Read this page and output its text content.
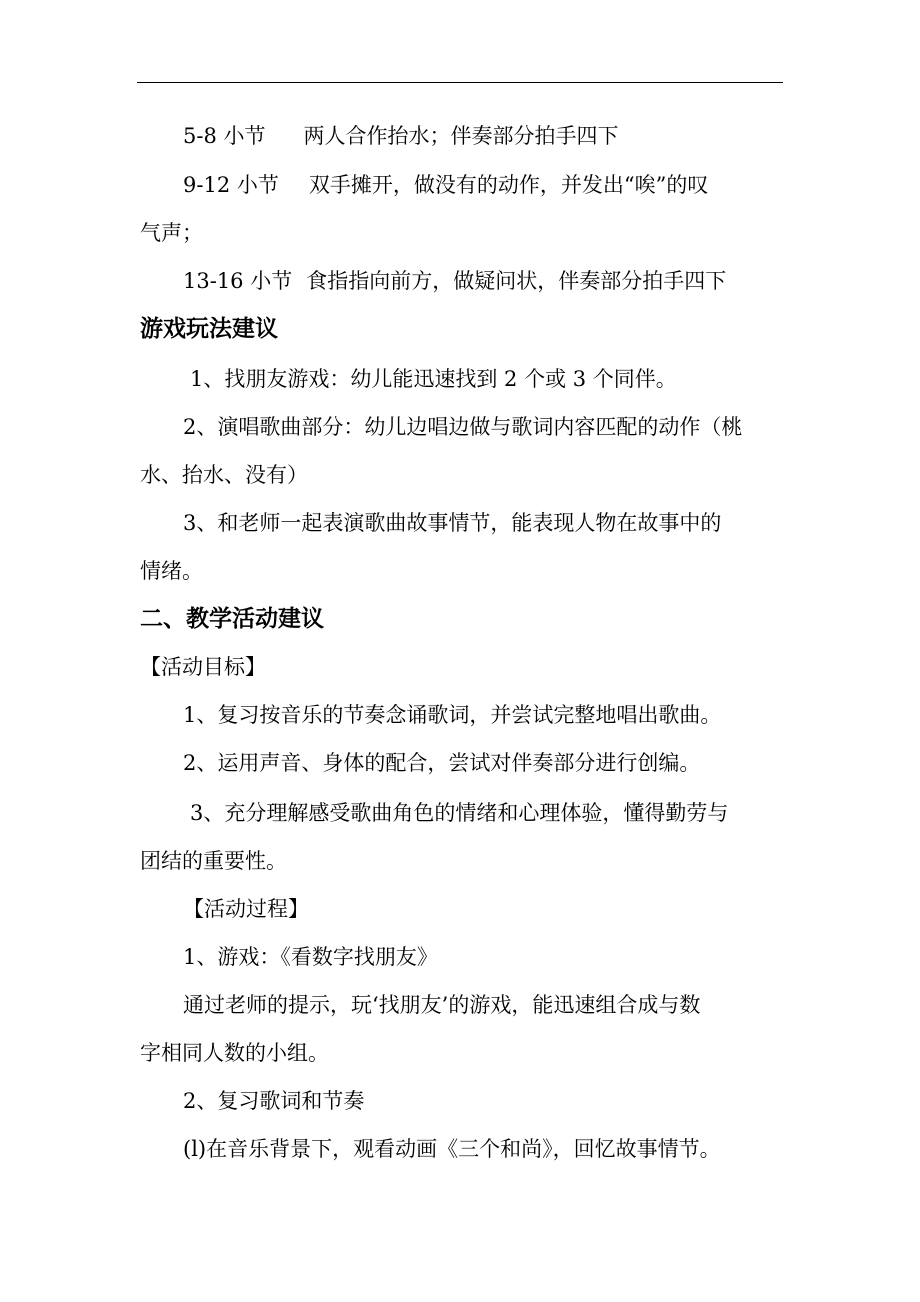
5-8 小节 两人合作抬水；伴奏部分拍手四下
9-12 小节 双手摊开，做没有的动作，并发出“唉”的叹
气声；
13-16 小节 食指指向前方，做疑问状，伴奏部分拍手四下
游戏玩法建议
1、找朋友游戏：幼儿能迅速找到 2 个或 3 个同伴。
2、演唱歌曲部分：幼儿边唱边做与歌词内容匹配的动作（桃
水、抬水、没有）
3、和老师一起表演歌曲故事情节，能表现人物在故事中的
情绪。
二、教学活动建议
【活动目标】
1、复习按音乐的节奏念诵歌词，并尝试完整地唱出歌曲。
2、运用声音、身体的配合，尝试对伴奏部分进行创编。
3、充分理解感受歌曲角色的情绪和心理体验，懂得勤劳与
团结的重要性。
【活动过程】
1、游戏：《看数字找朋友》
通过老师的提示，玩‘找朋友’的游戏，能迅速组合成与数
字相同人数的小组。
2、复习歌词和节奏
(l)在音乐背景下，观看动画《三个和尚》，回忆故事情节。
